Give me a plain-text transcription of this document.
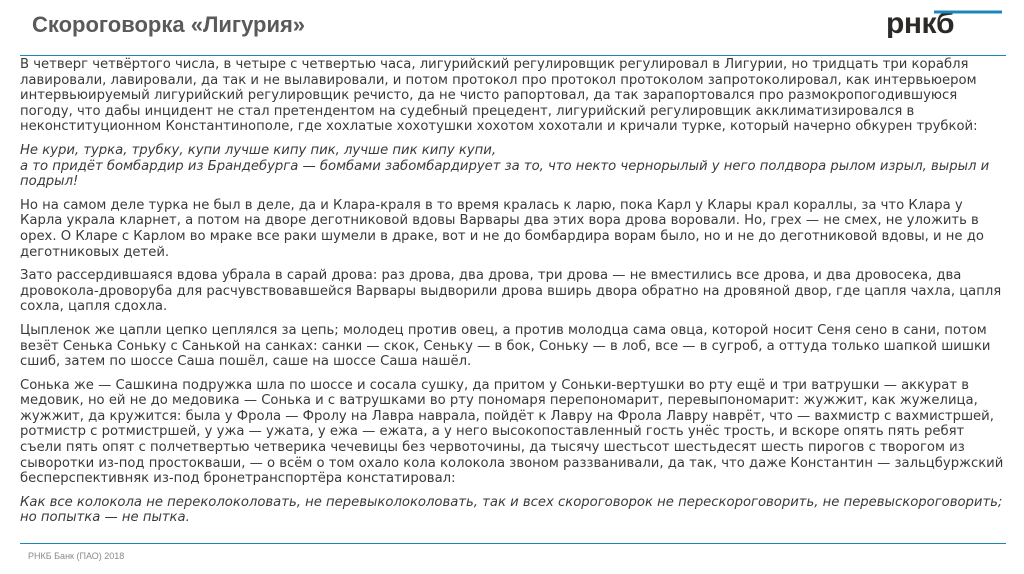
Скороговорка «Лигурия»	рнкб

В четверг четвёртого числа, в четыре с четвертью часа, лигурийский регулировщик регулировал в Лигурии, но тридцать три корабля лавировали, лавировали, да так и не вылавировали, и потом протокол про протокол протоколом запротоколировал, как интервьюером интервьюируемый лигурийский регулировщик речисто, да не чисто рапортовал, да так зарапортовался про размокропогодившуюся погоду, что дабы инцидент не стал претендентом на судебный прецедент, лигурийский регулировщик акклиматизировался в неконституционном Константинополе, где хохлатые хохотушки хохотом хохотали и кричали турке, который начерно обкурен трубкой:

Не кури, турка, трубку, купи лучше кипу пик, лучше пик кипу купи,
а то придёт бомбардир из Брандебурга — бомбами забомбардирует за то, что некто чернорылый у него полдвора рылом изрыл, вырыл и подрыл!

Но на самом деле турка не был в деле, да и Клара-краля в то время кралась к ларю, пока Карл у Клары крал кораллы, за что Клара у Карла украла кларнет, а потом на дворе деготниковой вдовы Варвары два этих вора дрова воровали. Но, грех — не смех, не уложить в орех. О Кларе с Карлом во мраке все раки шумели в драке, вот и не до бомбардира ворам было, но и не до деготниковой вдовы, и не до деготниковых детей.

Зато рассердившаяся вдова убрала в сарай дрова: раз дрова, два дрова, три дрова — не вместились все дрова, и два дровосека, два дровокола-дроворуба для расчувствовавшейся Варвары выдворили дрова вширь двора обратно на дровяной двор, где цапля чахла, цапля сохла, цапля сдохла.

Цыпленок же цапли цепко цеплялся за цепь; молодец против овец, а против молодца сама овца, которой носит Сеня сено в сани, потом везёт Сенька Соньку с Санькой на санках: санки — скок, Сеньку — в бок, Соньку — в лоб, все — в сугроб, а оттуда только шапкой шишки сшиб, затем по шоссе Саша пошёл, саше на шоссе Саша нашёл.

Сонька же — Сашкина подружка шла по шоссе и сосала сушку, да притом у Соньки-вертушки во рту ещё и три ватрушки — аккурат в медовик, но ей не до медовика — Сонька и с ватрушками во рту пономаря перепономарит, перевыпономарит: жужжит, как жужелица, жужжит, да кружится: была у Фрола — Фролу на Лавра наврала, пойдёт к Лавру на Фрола Лавру наврёт, что — вахмистр с вахмистршей, ротмистр с ротмистршей, у ужа — ужата, у ежа — ежата, а у него высокопоставленный гость унёс трость, и вскоре опять пять ребят съели пять опят с полчетвертью четверика чечевицы без червоточины, да тысячу шестьсот шестьдесят шесть пирогов с творогом из сыворотки из-под простокваши, — о всём о том охало кола колокола звоном раззванивали, да так, что даже Константин — зальцбуржский бесперспективняк из-под бронетранспортёра констатировал:

Как все колокола не переколоколовать, не перевыколоколовать, так и всех скороговорок не перескороговорить, не перевыскороговорить; но попытка — не пытка.

РНКБ Банк (ПАО) 2018
